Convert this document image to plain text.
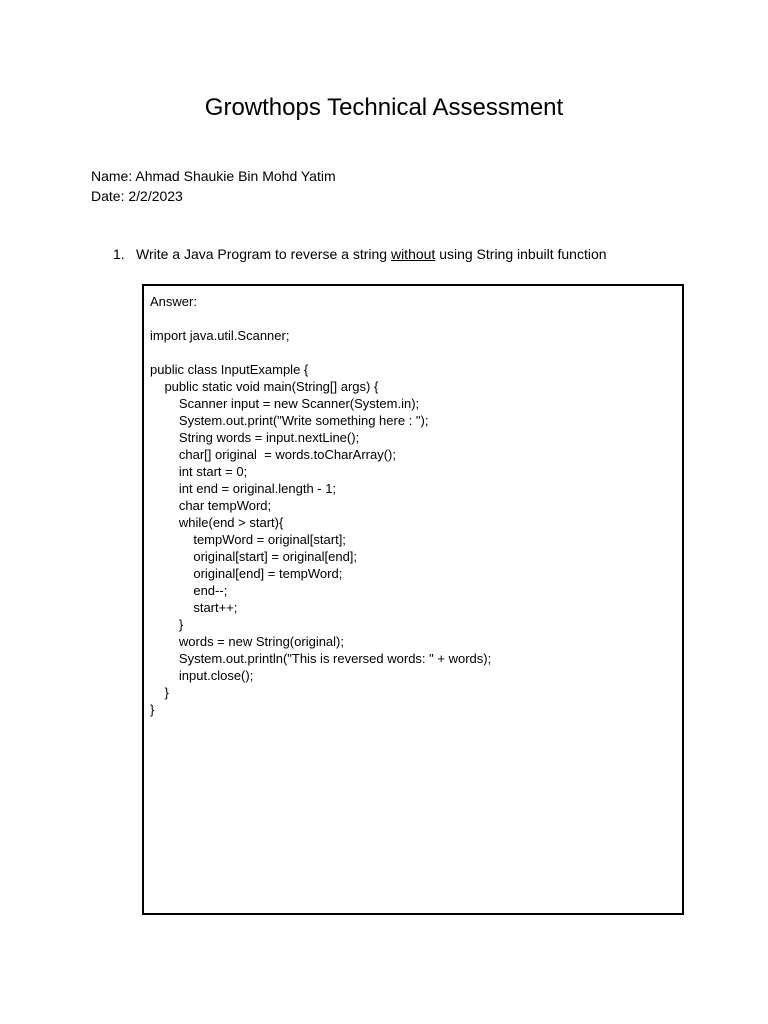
Growthops Technical Assessment
Name: Ahmad Shaukie Bin Mohd Yatim
Date: 2/2/2023
1. Write a Java Program to reverse a string without using String inbuilt function
Answer:
import java.util.Scanner;
public class InputExample {
public static void main(String[] args) {
Scanner input = new Scanner(System.in);
System.out.print("Write something here : ");
String words = input.nextLine();
char[] original  = words.toCharArray();
int start = 0;
int end = original.length - 1;
char tempWord;
while(end > start){
tempWord = original[start];
original[start] = original[end];
original[end] = tempWord;
end--;
start++;
}
words = new String(original);
System.out.println("This is reversed words: " + words);
input.close();
}
}
